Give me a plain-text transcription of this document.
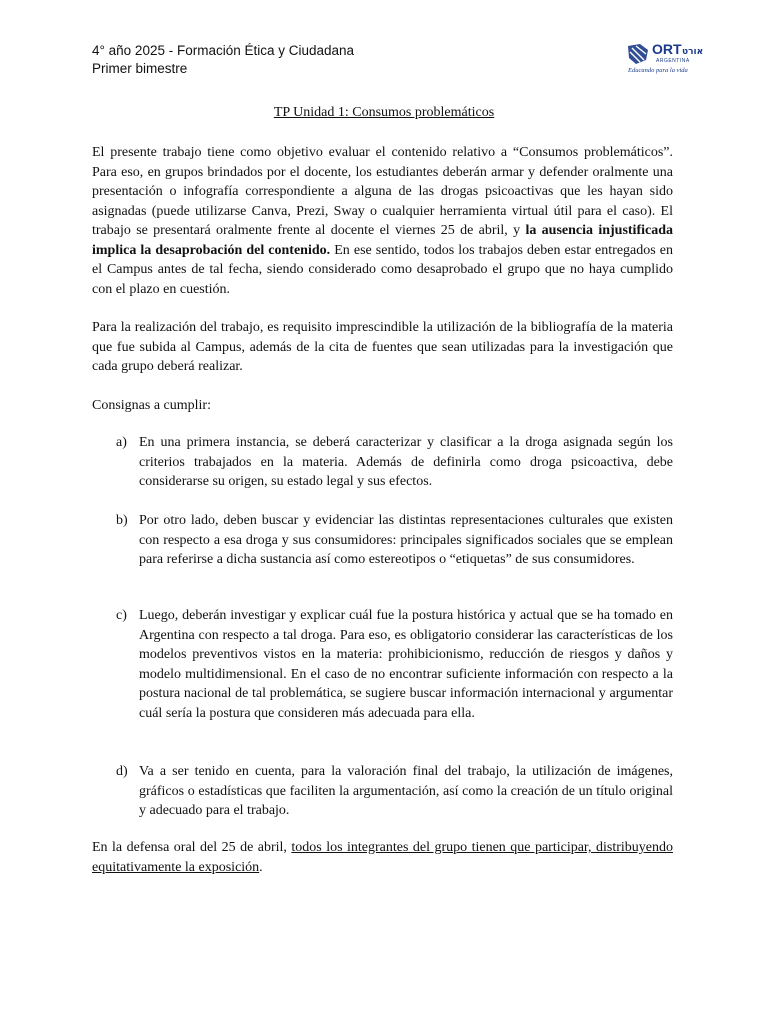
4° año 2025 - Formación Ética y Ciudadana
Primer bimestre
ORT אורט
ARGENTINA
Educando para la vida
TP Unidad 1: Consumos problemáticos

El presente trabajo tiene como objetivo evaluar el contenido relativo a “Consumos problemáticos”. Para eso, en grupos brindados por el docente, los estudiantes deberán armar y defender oralmente una presentación o infografía correspondiente a alguna de las drogas psicoactivas que les hayan sido asignadas (puede utilizarse Canva, Prezi, Sway o cualquier herramienta virtual útil para el caso). El trabajo se presentará oralmente frente al docente el viernes 25 de abril, y la ausencia injustificada implica la desaprobación del contenido. En ese sentido, todos los trabajos deben estar entregados en el Campus antes de tal fecha, siendo considerado como desaprobado el grupo que no haya cumplido con el plazo en cuestión.

Para la realización del trabajo, es requisito imprescindible la utilización de la bibliografía de la materia que fue subida al Campus, además de la cita de fuentes que sean utilizadas para la investigación que cada grupo deberá realizar.

Consignas a cumplir:

a) En una primera instancia, se deberá caracterizar y clasificar a la droga asignada según los criterios trabajados en la materia. Además de definirla como droga psicoactiva, debe considerarse su origen, su estado legal y sus efectos.
b) Por otro lado, deben buscar y evidenciar las distintas representaciones culturales que existen con respecto a esa droga y sus consumidores: principales significados sociales que se emplean para referirse a dicha sustancia así como estereotipos o “etiquetas” de sus consumidores.
c) Luego, deberán investigar y explicar cuál fue la postura histórica y actual que se ha tomado en Argentina con respecto a tal droga. Para eso, es obligatorio considerar las características de los modelos preventivos vistos en la materia: prohibicionismo, reducción de riesgos y daños y modelo multidimensional. En el caso de no encontrar suficiente información con respecto a la postura nacional de tal problemática, se sugiere buscar información internacional y argumentar cuál sería la postura que consideren más adecuada para ella.
d) Va a ser tenido en cuenta, para la valoración final del trabajo, la utilización de imágenes, gráficos o estadísticas que faciliten la argumentación, así como la creación de un título original y adecuado para el trabajo.

En la defensa oral del 25 de abril, todos los integrantes del grupo tienen que participar, distribuyendo equitativamente la exposición.
